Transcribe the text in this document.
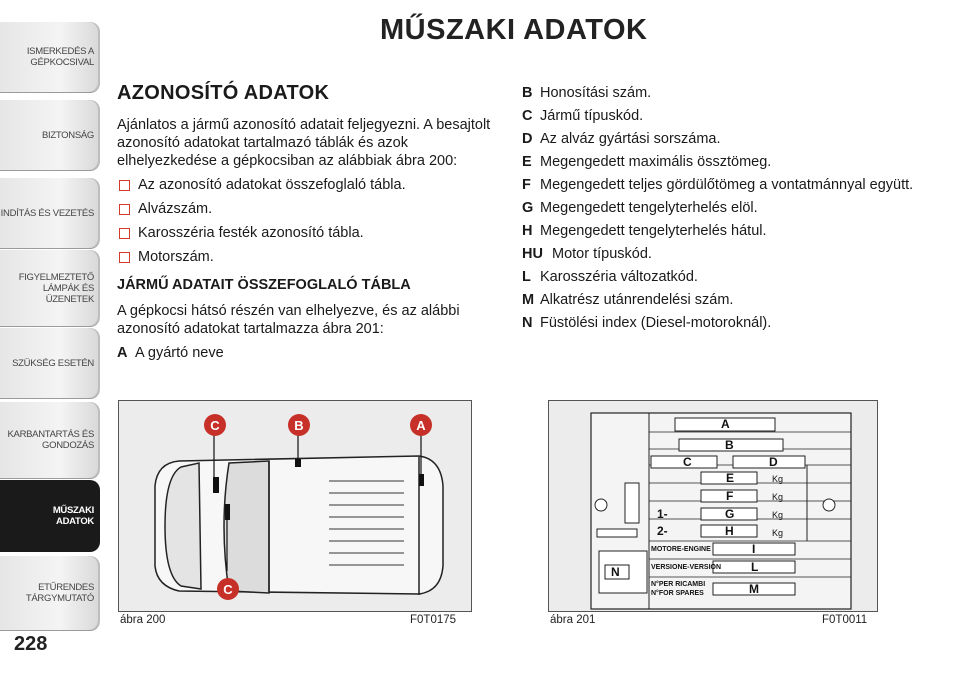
MŰSZAKI ADATOK
ISMERKEDÉS A
GÉPKOCSIVAL
BIZTONSÁG
INDÍTÁS ÉS VEZETÉS
FIGYELMEZTETŐ
LÁMPÁK ÉS
ÜZENETEK
SZÜKSÉG ESETÉN
KARBANTARTÁS ÉS
GONDOZÁS
MŰSZAKI
ADATOK
ETŰRENDES
TÁRGYMUTATÓ
228
AZONOSÍTÓ ADATOK

Ajánlatos a jármű azonosító adatait feljegyezni. A besajtolt azonosító adatokat tartalmazó táblák és azok elhelyezkedése a gépkocsiban az alábbiak ábra 200:

Az azonosító adatokat összefoglaló tábla.
Alvázszám.
Karosszéria festék azonosító tábla.
Motorszám.
JÁRMŰ ADATAIT ÖSSZEFOGLALÓ TÁBLA

A gépkocsi hátsó részén van elhelyezve, és az alábbi azonosító adatokat tartalmazza ábra 201:

A A gyártó neve
B Honosítási szám.
C Jármű típuskód.
D Az alváz gyártási sorszáma.
E Megengedett maximális össztömeg.
F Megengedett teljes gördülőtömeg a vontatmánnyal együtt.
G Megengedett tengelyterhelés elöl.
H Megengedett tengelyterhelés hátul.
HU Motor típuskód.
L Karosszéria változatkód.
M Alkatrész utánrendelési szám.
N Füstölési index (Diesel-motoroknál).
C	B	A
C
ábra 200	F0T0175
A
B
C	D
E
F
G
H
I
L
M
N
1-
2-
Kg
Kg
Kg
Kg
MOTORE-ENGINE
VERSIONE-VERSION
N°PER RICAMBI
N°FOR SPARES
ábra 201	F0T0011
